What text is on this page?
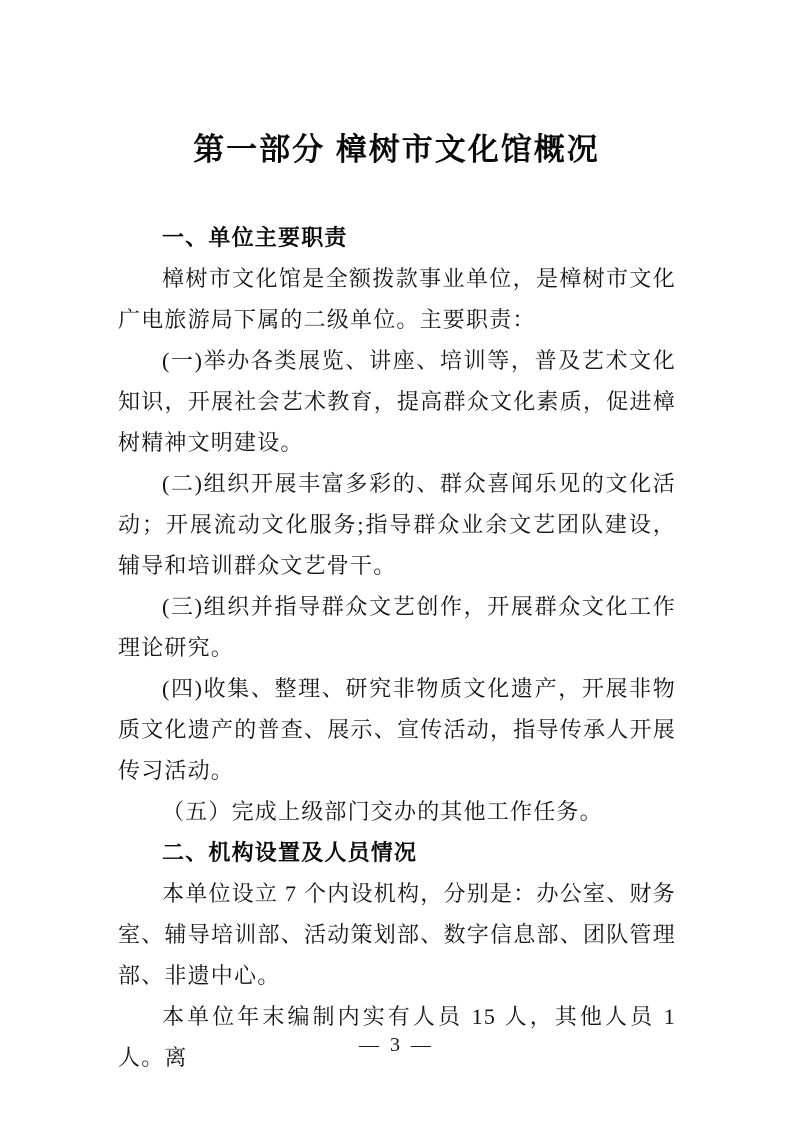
第一部分 樟树市文化馆概况

一、单位主要职责

樟树市文化馆是全额拨款事业单位，是樟树市文化广电旅游局下属的二级单位。主要职责：

(一)举办各类展览、讲座、培训等，普及艺术文化知识，开展社会艺术教育，提高群众文化素质，促进樟树精神文明建设。

(二)组织开展丰富多彩的、群众喜闻乐见的文化活动；开展流动文化服务;指导群众业余文艺团队建设，辅导和培训群众文艺骨干。

(三)组织并指导群众文艺创作，开展群众文化工作理论研究。

(四)收集、整理、研究非物质文化遗产，开展非物质文化遗产的普查、展示、宣传活动，指导传承人开展传习活动。

（五）完成上级部门交办的其他工作任务。

二、机构设置及人员情况

本单位设立 7 个内设机构，分别是：办公室、财务室、辅导培训部、活动策划部、数字信息部、团队管理部、非遗中心。

本单位年末编制内实有人员 15 人，其他人员 1 人。离	— 3 —
